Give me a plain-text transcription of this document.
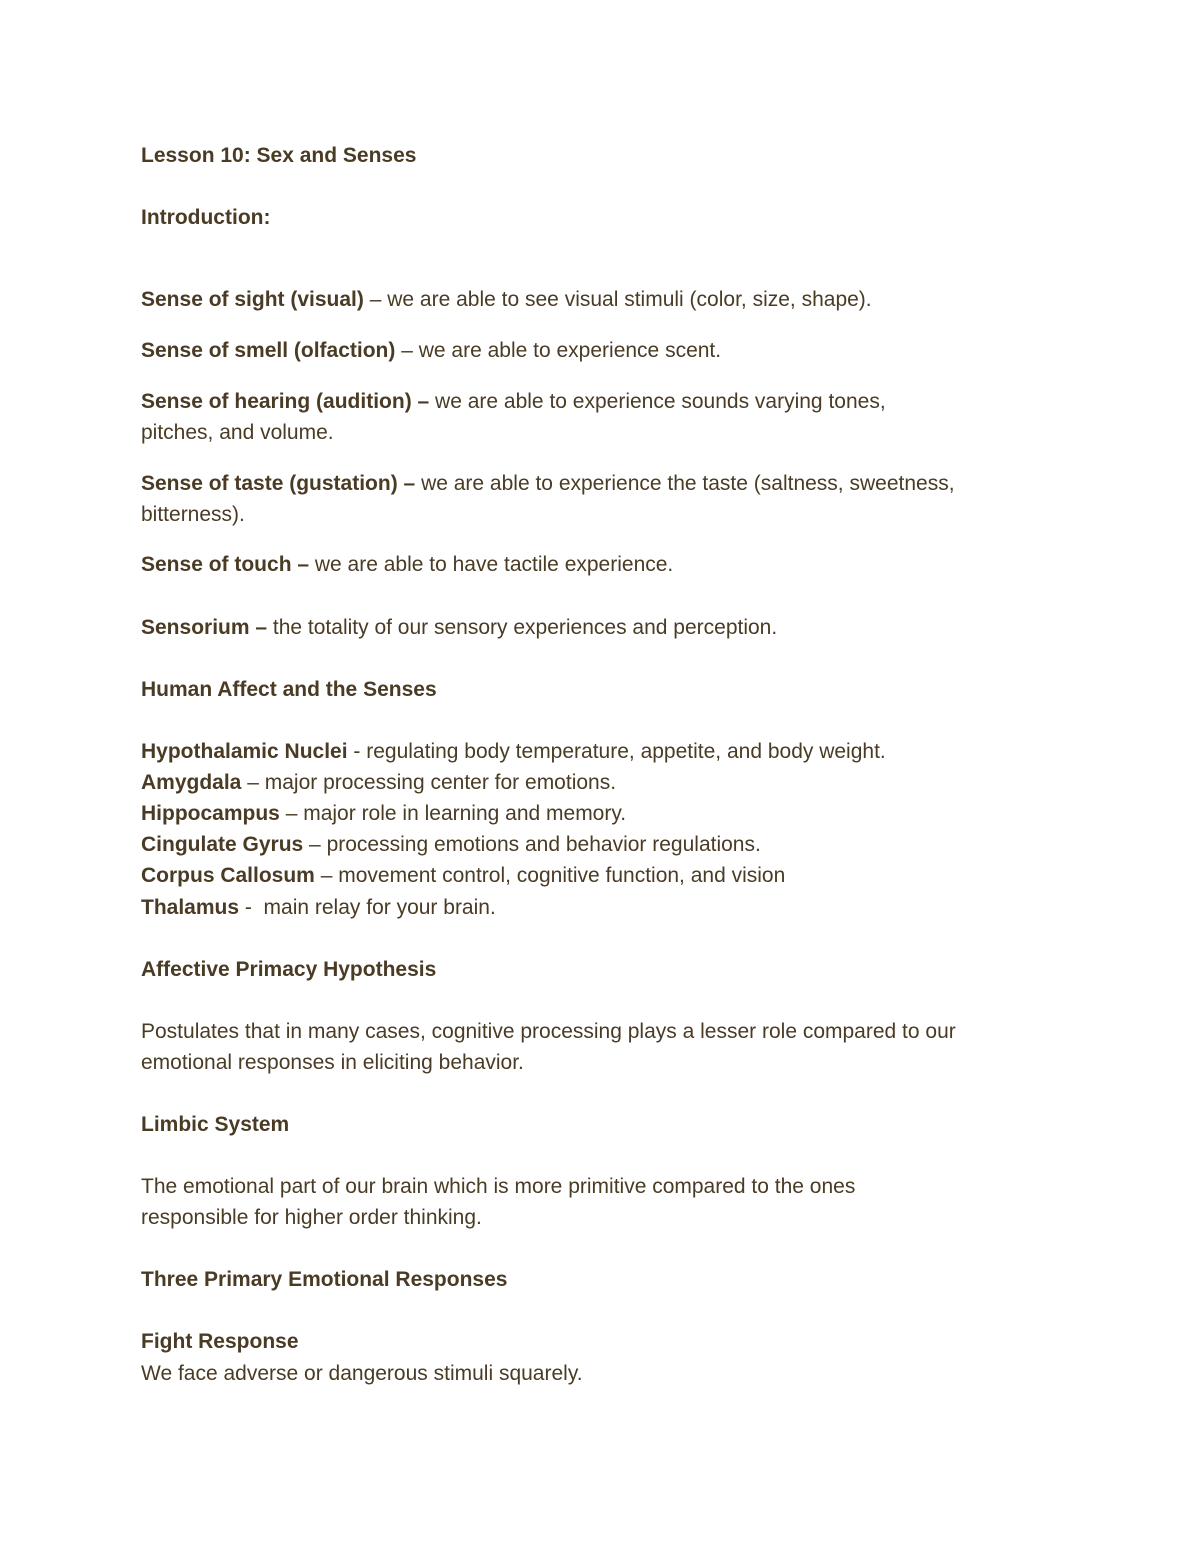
Lesson 10: Sex and Senses
Introduction:
Sense of sight (visual) – we are able to see visual stimuli (color, size, shape).
Sense of smell (olfaction) – we are able to experience scent.
Sense of hearing (audition) – we are able to experience sounds varying tones,
pitches, and volume.
Sense of taste (gustation) – we are able to experience the taste (saltness, sweetness,
bitterness).
Sense of touch – we are able to have tactile experience.
Sensorium – the totality of our sensory experiences and perception.
Human Affect and the Senses
Hypothalamic Nuclei - regulating body temperature, appetite, and body weight.
Amygdala – major processing center for emotions.
Hippocampus – major role in learning and memory.
Cingulate Gyrus – processing emotions and behavior regulations.
Corpus Callosum – movement control, cognitive function, and vision
Thalamus -  main relay for your brain.
Affective Primacy Hypothesis
Postulates that in many cases, cognitive processing plays a lesser role compared to our
emotional responses in eliciting behavior.
Limbic System
The emotional part of our brain which is more primitive compared to the ones
responsible for higher order thinking.
Three Primary Emotional Responses
Fight Response
We face adverse or dangerous stimuli squarely.
